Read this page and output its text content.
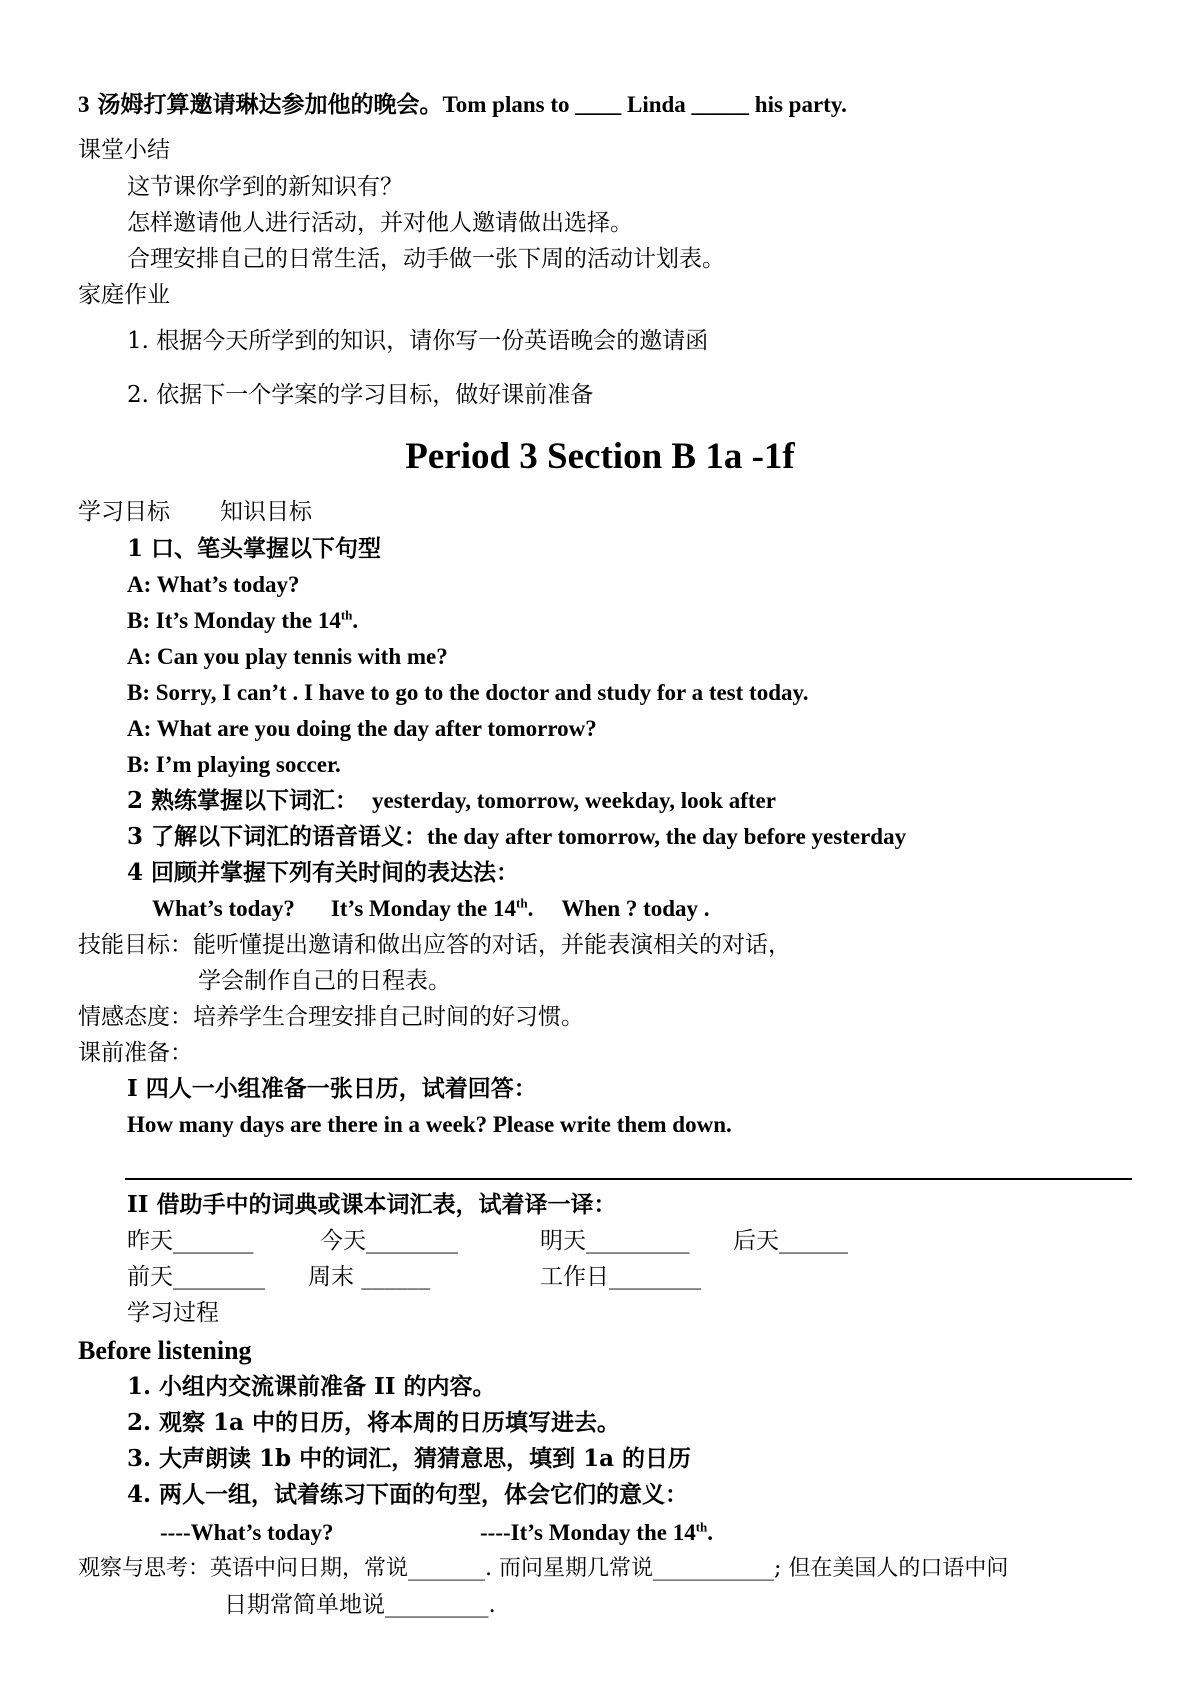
3 汤姆打算邀请琳达参加他的晚会。Tom plans to ____ Linda _____ his party.
课堂小结
这节课你学到的新知识有？
怎样邀请他人进行活动，并对他人邀请做出选择。
合理安排自己的日常生活，动手做一张下周的活动计划表。
家庭作业
1. 根据今天所学到的知识，请你写一份英语晚会的邀请函
2. 依据下一个学案的学习目标，做好课前准备
Period 3 Section B 1a -1f
学习目标 知识目标
1 口、笔头掌握以下句型
A: What’s today?
B: It’s Monday the 14th.
A: Can you play tennis with me?
B: Sorry, I can’t . I have to go to the doctor and study for a test today.
A: What are you doing the day after tomorrow?
B: I’m playing soccer.
2 熟练掌握以下词汇： yesterday, tomorrow, weekday, look after
3 了解以下词汇的语音语义：the day after tomorrow, the day before yesterday
4 回顾并掌握下列有关时间的表达法：
What’s today? It’s Monday the 14th. When ? today .
技能目标：能听懂提出邀请和做出应答的对话，并能表演相关的对话，
学会制作自己的日程表。
情感态度：培养学生合理安排自己时间的好习惯。
课前准备：
I 四人一小组准备一张日历，试着回答：
How many days are there in a week? Please write them down.
II 借助手中的词典或课本词汇表，试着译一译：
昨天_______	今天________	明天_________ 后天______
前天________ 周末 ______	工作日________
学习过程
Before listening
1. 小组内交流课前准备 II 的内容。
2. 观察 1a 中的日历，将本周的日历填写进去。
3. 大声朗读 1b 中的词汇，猜猜意思，填到 1a 的日历
4. 两人一组，试着练习下面的句型，体会它们的意义：
----What’s today?	----It’s Monday the 14th.
观察与思考：英语中问日期，常说_______. 而问星期几常说___________; 但在美国人的口语中问
日期常简单地说_________.
